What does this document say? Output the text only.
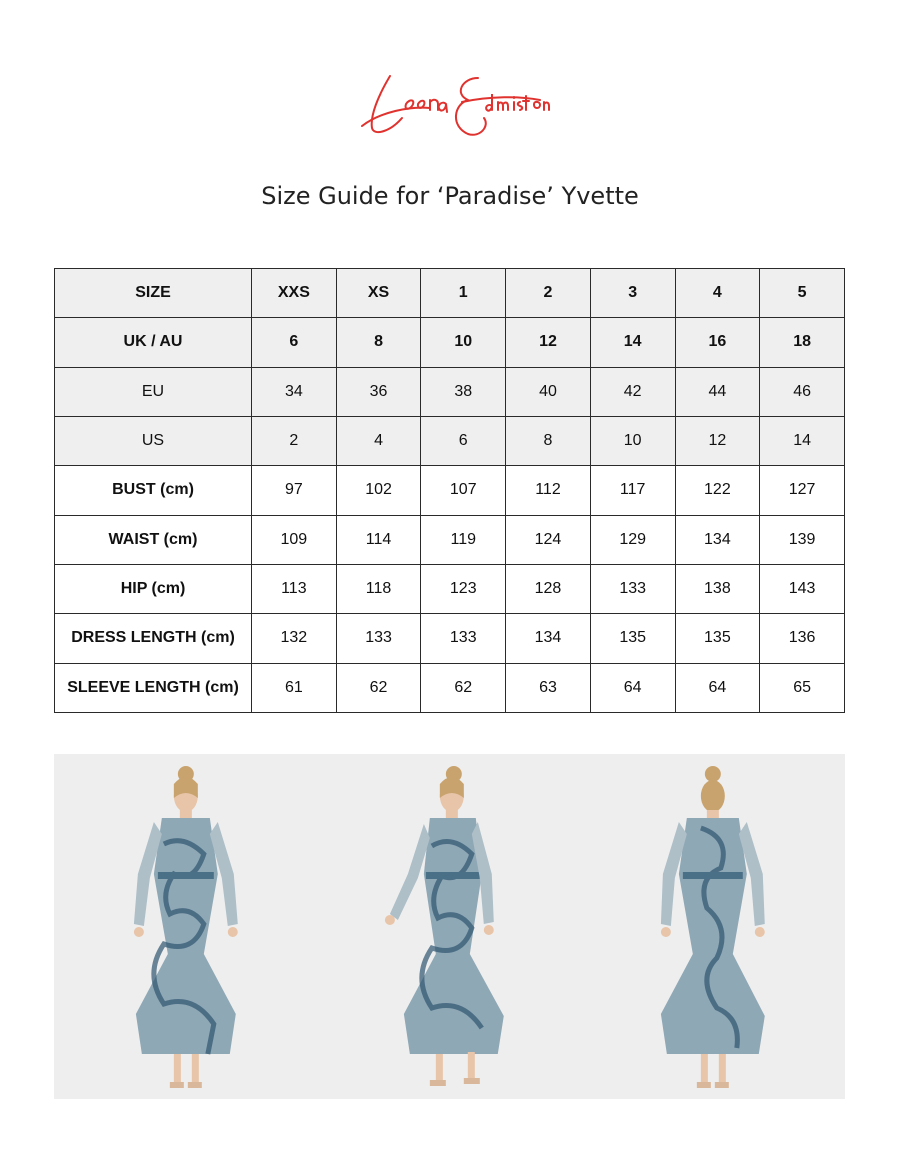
Size Guide for ‘Paradise’ Yvette
SIZE	XXS	XS	1	2	3	4	5
UK / AU	6	8	10	12	14	16	18
EU	34	36	38	40	42	44	46
US	2	4	6	8	10	12	14
BUST (cm)	97	102	107	112	117	122	127
WAIST (cm)	109	114	119	124	129	134	139
HIP (cm)	113	118	123	128	133	138	143
DRESS LENGTH (cm)	132	133	133	134	135	135	136
SLEEVE LENGTH (cm)	61	62	62	63	64	64	65
